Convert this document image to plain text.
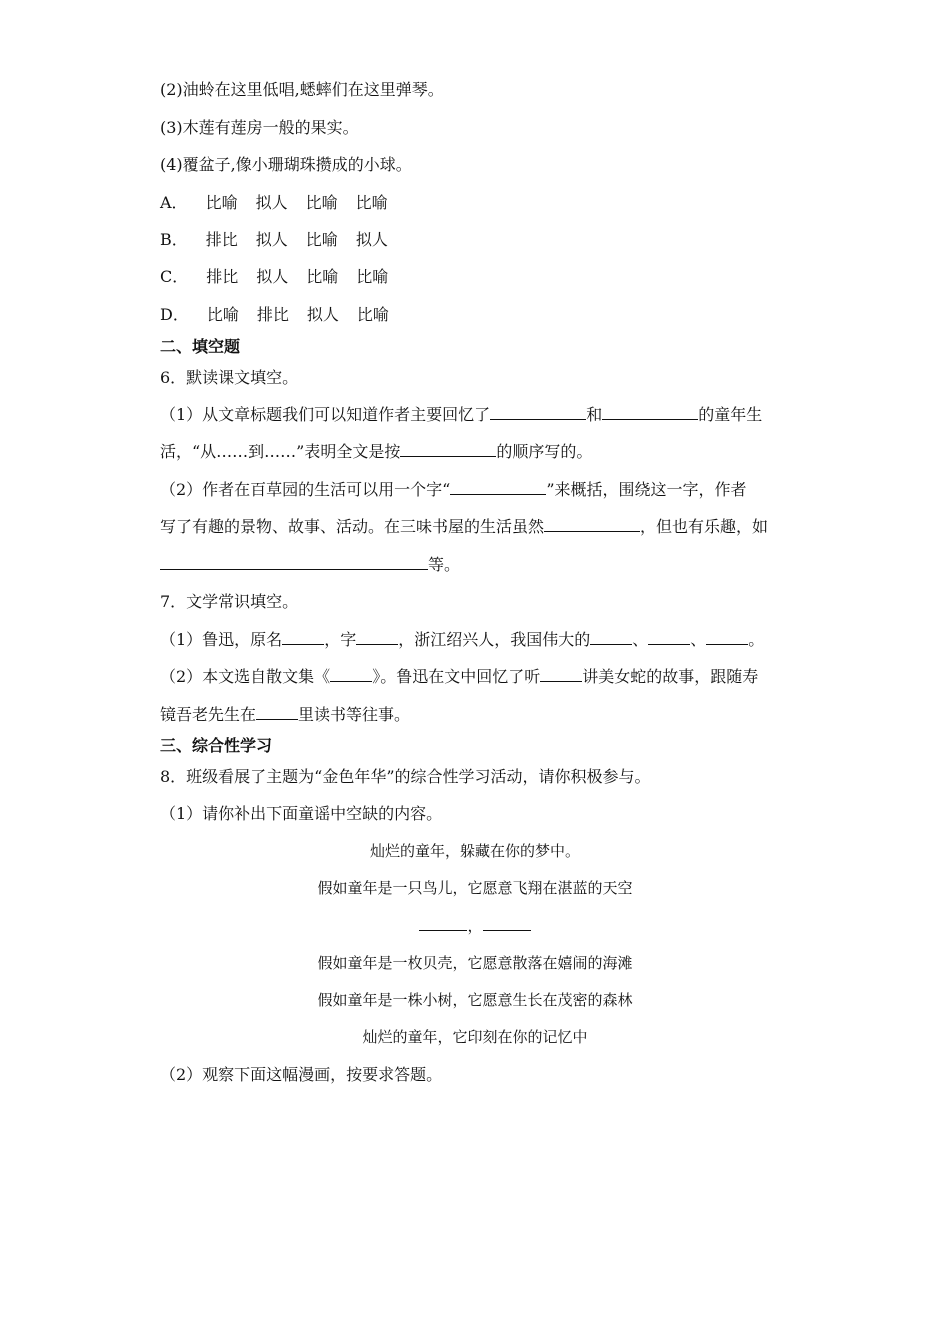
(2)油蛉在这里低唱,蟋蟀们在这里弹琴。
(3)木莲有莲房一般的果实。
(4)覆盆子,像小珊瑚珠攒成的小球。
A． 比喻 拟人 比喻 比喻
B． 排比 拟人 比喻 拟人
C． 排比 拟人 比喻 比喻
D． 比喻 排比 拟人 比喻
二、填空题
6．默读课文填空。
（1）从文章标题我们可以知道作者主要回忆了	和	的童年生
活，“从……到……”表明全文是按	的顺序写的。
（2）作者在百草园的生活可以用一个字“	”来概括，围绕这一字，作者
写了有趣的景物、故事、活动。在三味书屋的生活虽然	，但也有乐趣，如
等。
7．文学常识填空。
（1）鲁迅，原名	，字	，浙江绍兴人，我国伟大的	、	、	。
（2）本文选自散文集《	》。鲁迅在文中回忆了听	讲美女蛇的故事，跟随寿
镜吾老先生在	里读书等往事。
三、综合性学习
8．班级看展了主题为“金色年华”的综合性学习活动，请你积极参与。
（1）请你补出下面童谣中空缺的内容。
灿烂的童年，躲藏在你的梦中。
假如童年是一只鸟儿，它愿意飞翔在湛蓝的天空
，
假如童年是一枚贝壳，它愿意散落在嬉闹的海滩
假如童年是一株小树，它愿意生长在茂密的森林
灿烂的童年，它印刻在你的记忆中
（2）观察下面这幅漫画，按要求答题。
